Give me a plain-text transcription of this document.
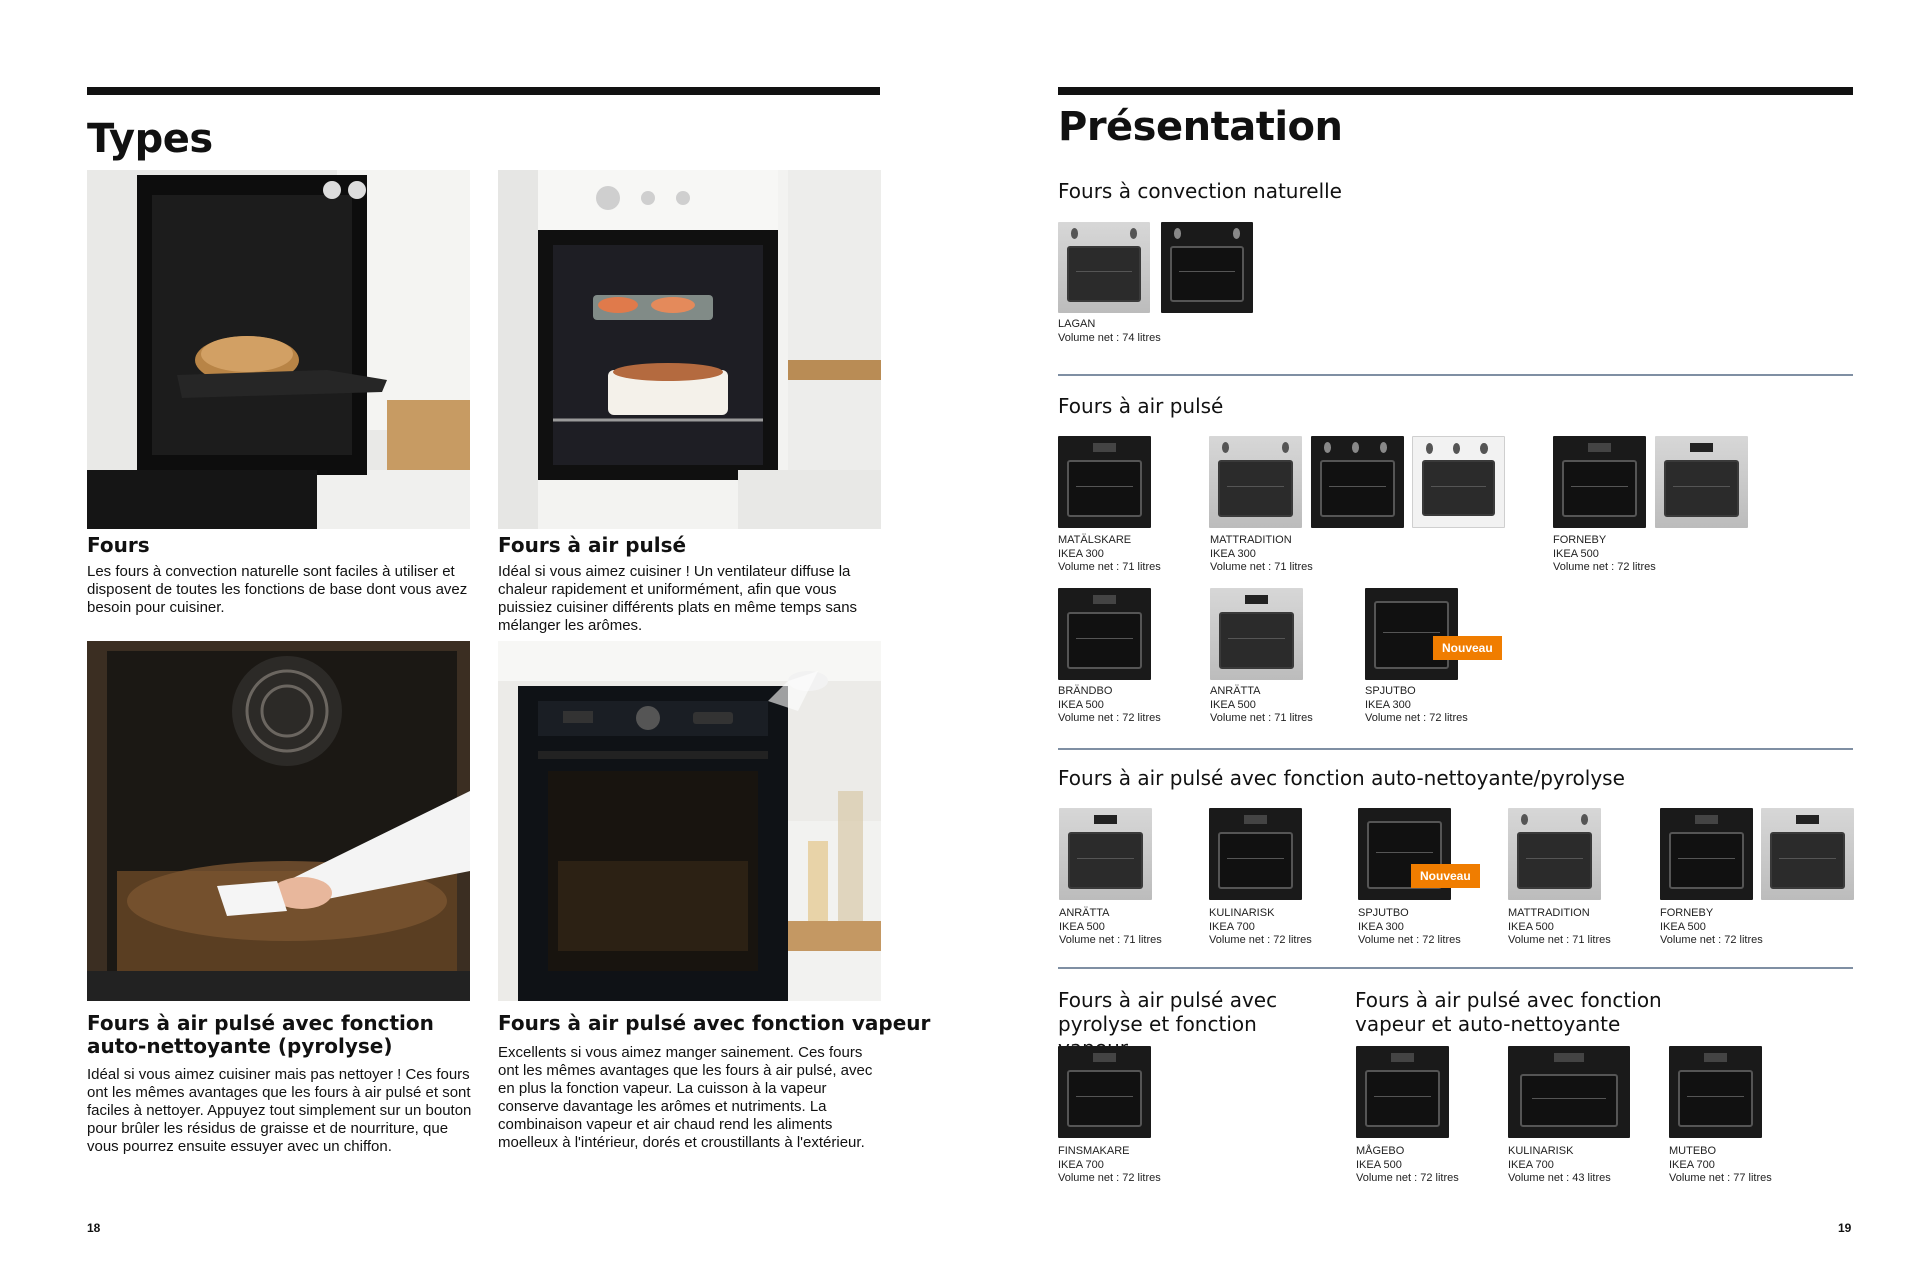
Types
Fours
Les fours à convection naturelle sont faciles à utiliser et disposent de toutes les fonctions de base dont vous avez besoin pour cuisiner.
Fours à air pulsé
Idéal si vous aimez cuisiner ! Un ventilateur diffuse la chaleur rapidement et uniformément, afin que vous puissiez cuisiner différents plats en même temps sans mélanger les arômes.
Fours à air pulsé avec fonction auto-nettoyante (pyrolyse)
Idéal si vous aimez cuisiner mais pas nettoyer ! Ces fours ont les mêmes avantages que les fours à air pulsé et sont faciles à nettoyer. Appuyez tout simplement sur un bouton pour brûler les résidus de graisse et de nourriture, que vous pourrez ensuite essuyer avec un chiffon.
Fours à air pulsé avec fonction vapeur
Excellents si vous aimez manger sainement. Ces fours ont les mêmes avantages que les fours à air pulsé, avec en plus la fonction vapeur. La cuisson à la vapeur conserve davantage les arômes et nutriments. La combinaison vapeur et air chaud rend les aliments moelleux à l'intérieur, dorés et croustillants à l'extérieur.
18
Présentation
Fours à convection naturelle
LAGAN
Volume net : 74 litres
Fours à air pulsé
MATÄLSKARE
IKEA 300
Volume net : 71 litres
MATTRADITION
IKEA 300
Volume net : 71 litres
FORNEBY
IKEA 500
Volume net : 72 litres
Nouveau
BRÄNDBO
IKEA 500
Volume net : 72 litres
ANRÄTTA
IKEA 500
Volume net : 71 litres
SPJUTBO
IKEA 300
Volume net : 72 litres
Fours à air pulsé avec fonction auto-nettoyante/pyrolyse
Nouveau
ANRÄTTA
IKEA 500
Volume net : 71 litres
KULINARISK
IKEA 700
Volume net : 72 litres
SPJUTBO
IKEA 300
Volume net : 72 litres
MATTRADITION
IKEA 500
Volume net : 71 litres
FORNEBY
IKEA 500
Volume net : 72 litres
Fours à air pulsé avec pyrolyse et fonction
Fours à air pulsé avec fonction vapeur et auto-nettoyante
FINSMAKARE
IKEA 700
Volume net : 72 litres
MÅGEBO
IKEA 500
Volume net : 72 litres
KULINARISK
IKEA 700
Volume net : 43 litres
MUTEBO
IKEA 700
Volume net : 77 litres
19
